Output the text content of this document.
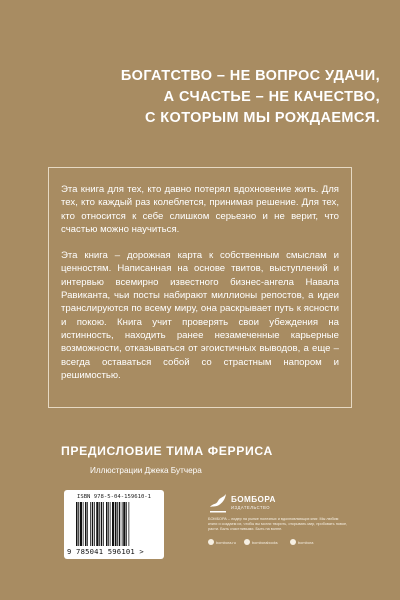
БОГАТСТВО – НЕ ВОПРОС УДАЧИ,
А СЧАСТЬЕ – НЕ КАЧЕСТВО,
С КОТОРЫМ МЫ РОЖДАЕМСЯ.

Эта книга для тех, кто давно потерял вдохновение жить. Для тех, кто каждый раз колеблется, принимая решение. Для тех, кто относится к себе слишком серьезно и не верит, что счастью можно научиться.

Эта книга – дорожная карта к собственным смыслам и ценностям. Написанная на основе твитов, выступлений и интервью всемирно известного бизнес-ангела Навала Равиканта, чьи посты набирают миллионы репостов, а идеи транслируются по всему миру, она раскрывает путь к ясности и покою. Книга учит проверять свои убеждения на истинность, находить ранее незамеченные карьерные возможности, отказываться от эгоистичных выводов, а еще – всегда оставаться собой со страстным напором и решимостью.

ПРЕДИСЛОВИЕ ТИМА ФЕРРИСА
Иллюстрации Джека Бутчера
ISBN 978-5-04-159610-1
9 785041 596101 >
БОМБОРА
ИЗДАТЕЛЬСТВО
БОМБОРА – лидер на рынке полезных и вдохновляющих книг. Мы любим книги и создаем их, чтобы вы могли творить, открывать мир, пробовать новое, расти. Быть счастливыми. Быть на волне.
bombora.ru	bomborabooks	bombora
